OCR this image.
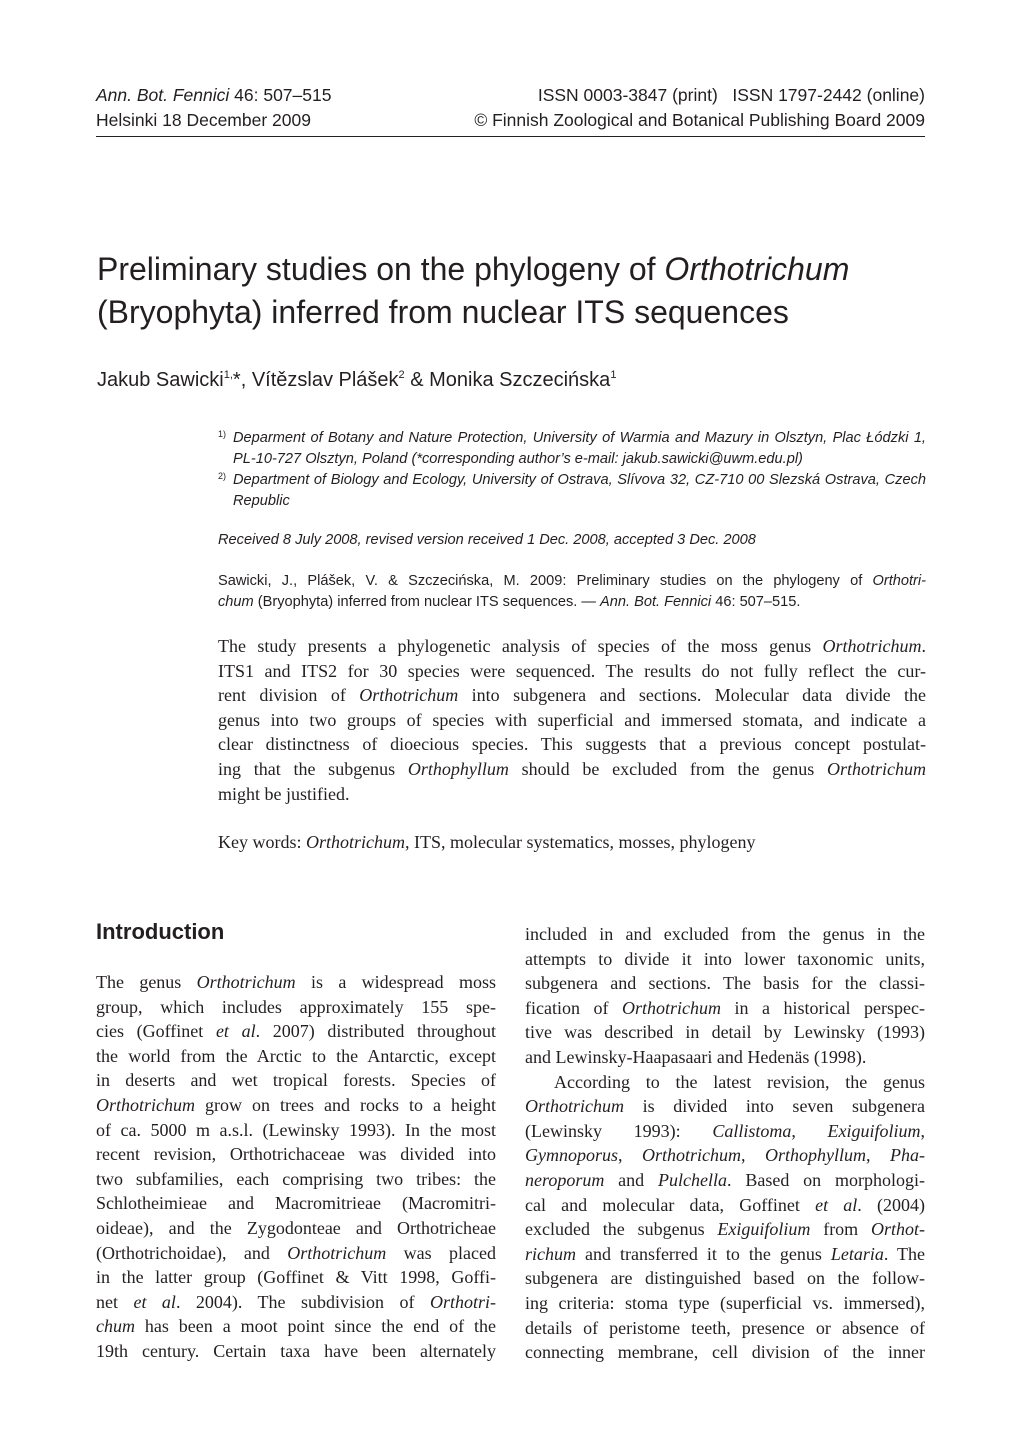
Ann. Bot. Fennici 46: 507–515	ISSN 0003-3847 (print)   ISSN 1797-2442 (online)
Helsinki 18 December 2009	© Finnish Zoological and Botanical Publishing Board 2009
Preliminary studies on the phylogeny of Orthotrichum
(Bryophyta) inferred from nuclear ITS sequences
Jakub Sawicki$^{1,}$*, Vítězslav Plášek$^2$ & Monika Szczecińska$^1$
1) Deparment of Botany and Nature Protection, University of Warmia and Mazury in Olsztyn, Plac Łódzki 1, PL-10-727 Olsztyn, Poland (*corresponding author’s e-mail: jakub.sawicki@uwm.edu.pl)
2) Department of Biology and Ecology, University of Ostrava, Slívova 32, CZ-710 00 Slezská Ostrava, Czech Republic
Received 8 July 2008, revised version received 1 Dec. 2008, accepted 3 Dec. 2008
Sawicki, J., Plášek, V. & Szczecińska, M. 2009: Preliminary studies on the phylogeny of Orthotri-
chum (Bryophyta) inferred from nuclear ITS sequences. — Ann. Bot. Fennici 46: 507–515.
The study presents a phylogenetic analysis of species of the moss genus Orthotrichum.
ITS1 and ITS2 for 30 species were sequenced. The results do not fully reflect the cur-
rent division of Orthotrichum into subgenera and sections. Molecular data divide the
genus into two groups of species with superficial and immersed stomata, and indicate a
clear distinctness of dioecious species. This suggests that a previous concept postulat-
ing that the subgenus Orthophyllum should be excluded from the genus Orthotrichum
might be justified.
Key words: Orthotrichum, ITS, molecular systematics, mosses, phylogeny
Introduction
The genus Orthotrichum is a widespread moss
group, which includes approximately 155 spe-
cies (Goffinet et al. 2007) distributed throughout
the world from the Arctic to the Antarctic, except
in deserts and wet tropical forests. Species of
Orthotrichum grow on trees and rocks to a height
of ca. 5000 m a.s.l. (Lewinsky 1993). In the most
recent revision, Orthotrichaceae was divided into
two subfamilies, each comprising two tribes: the
Schlotheimieae and Macromitrieae (Macromitri-
oideae), and the Zygodonteae and Orthotricheae
(Orthotrichoidae), and Orthotrichum was placed
in the latter group (Goffinet & Vitt 1998, Goffi-
net et al. 2004). The subdivision of Orthotri-
chum has been a moot point since the end of the
19th century. Certain taxa have been alternately
included in and excluded from the genus in the
attempts to divide it into lower taxonomic units,
subgenera and sections. The basis for the classi-
fication of Orthotrichum in a historical perspec-
tive was described in detail by Lewinsky (1993)
and Lewinsky-Haapasaari and Hedenäs (1998).
According to the latest revision, the genus
Orthotrichum is divided into seven subgenera
(Lewinsky 1993): Callistoma, Exiguifolium,
Gymnoporus, Orthotrichum, Orthophyllum, Pha-
neroporum and Pulchella. Based on morphologi-
cal and molecular data, Goffinet et al. (2004)
excluded the subgenus Exiguifolium from Orthot-
richum and transferred it to the genus Letaria. The
subgenera are distinguished based on the follow-
ing criteria: stoma type (superficial vs. immersed),
details of peristome teeth, presence or absence of
connecting membrane, cell division of the inner
